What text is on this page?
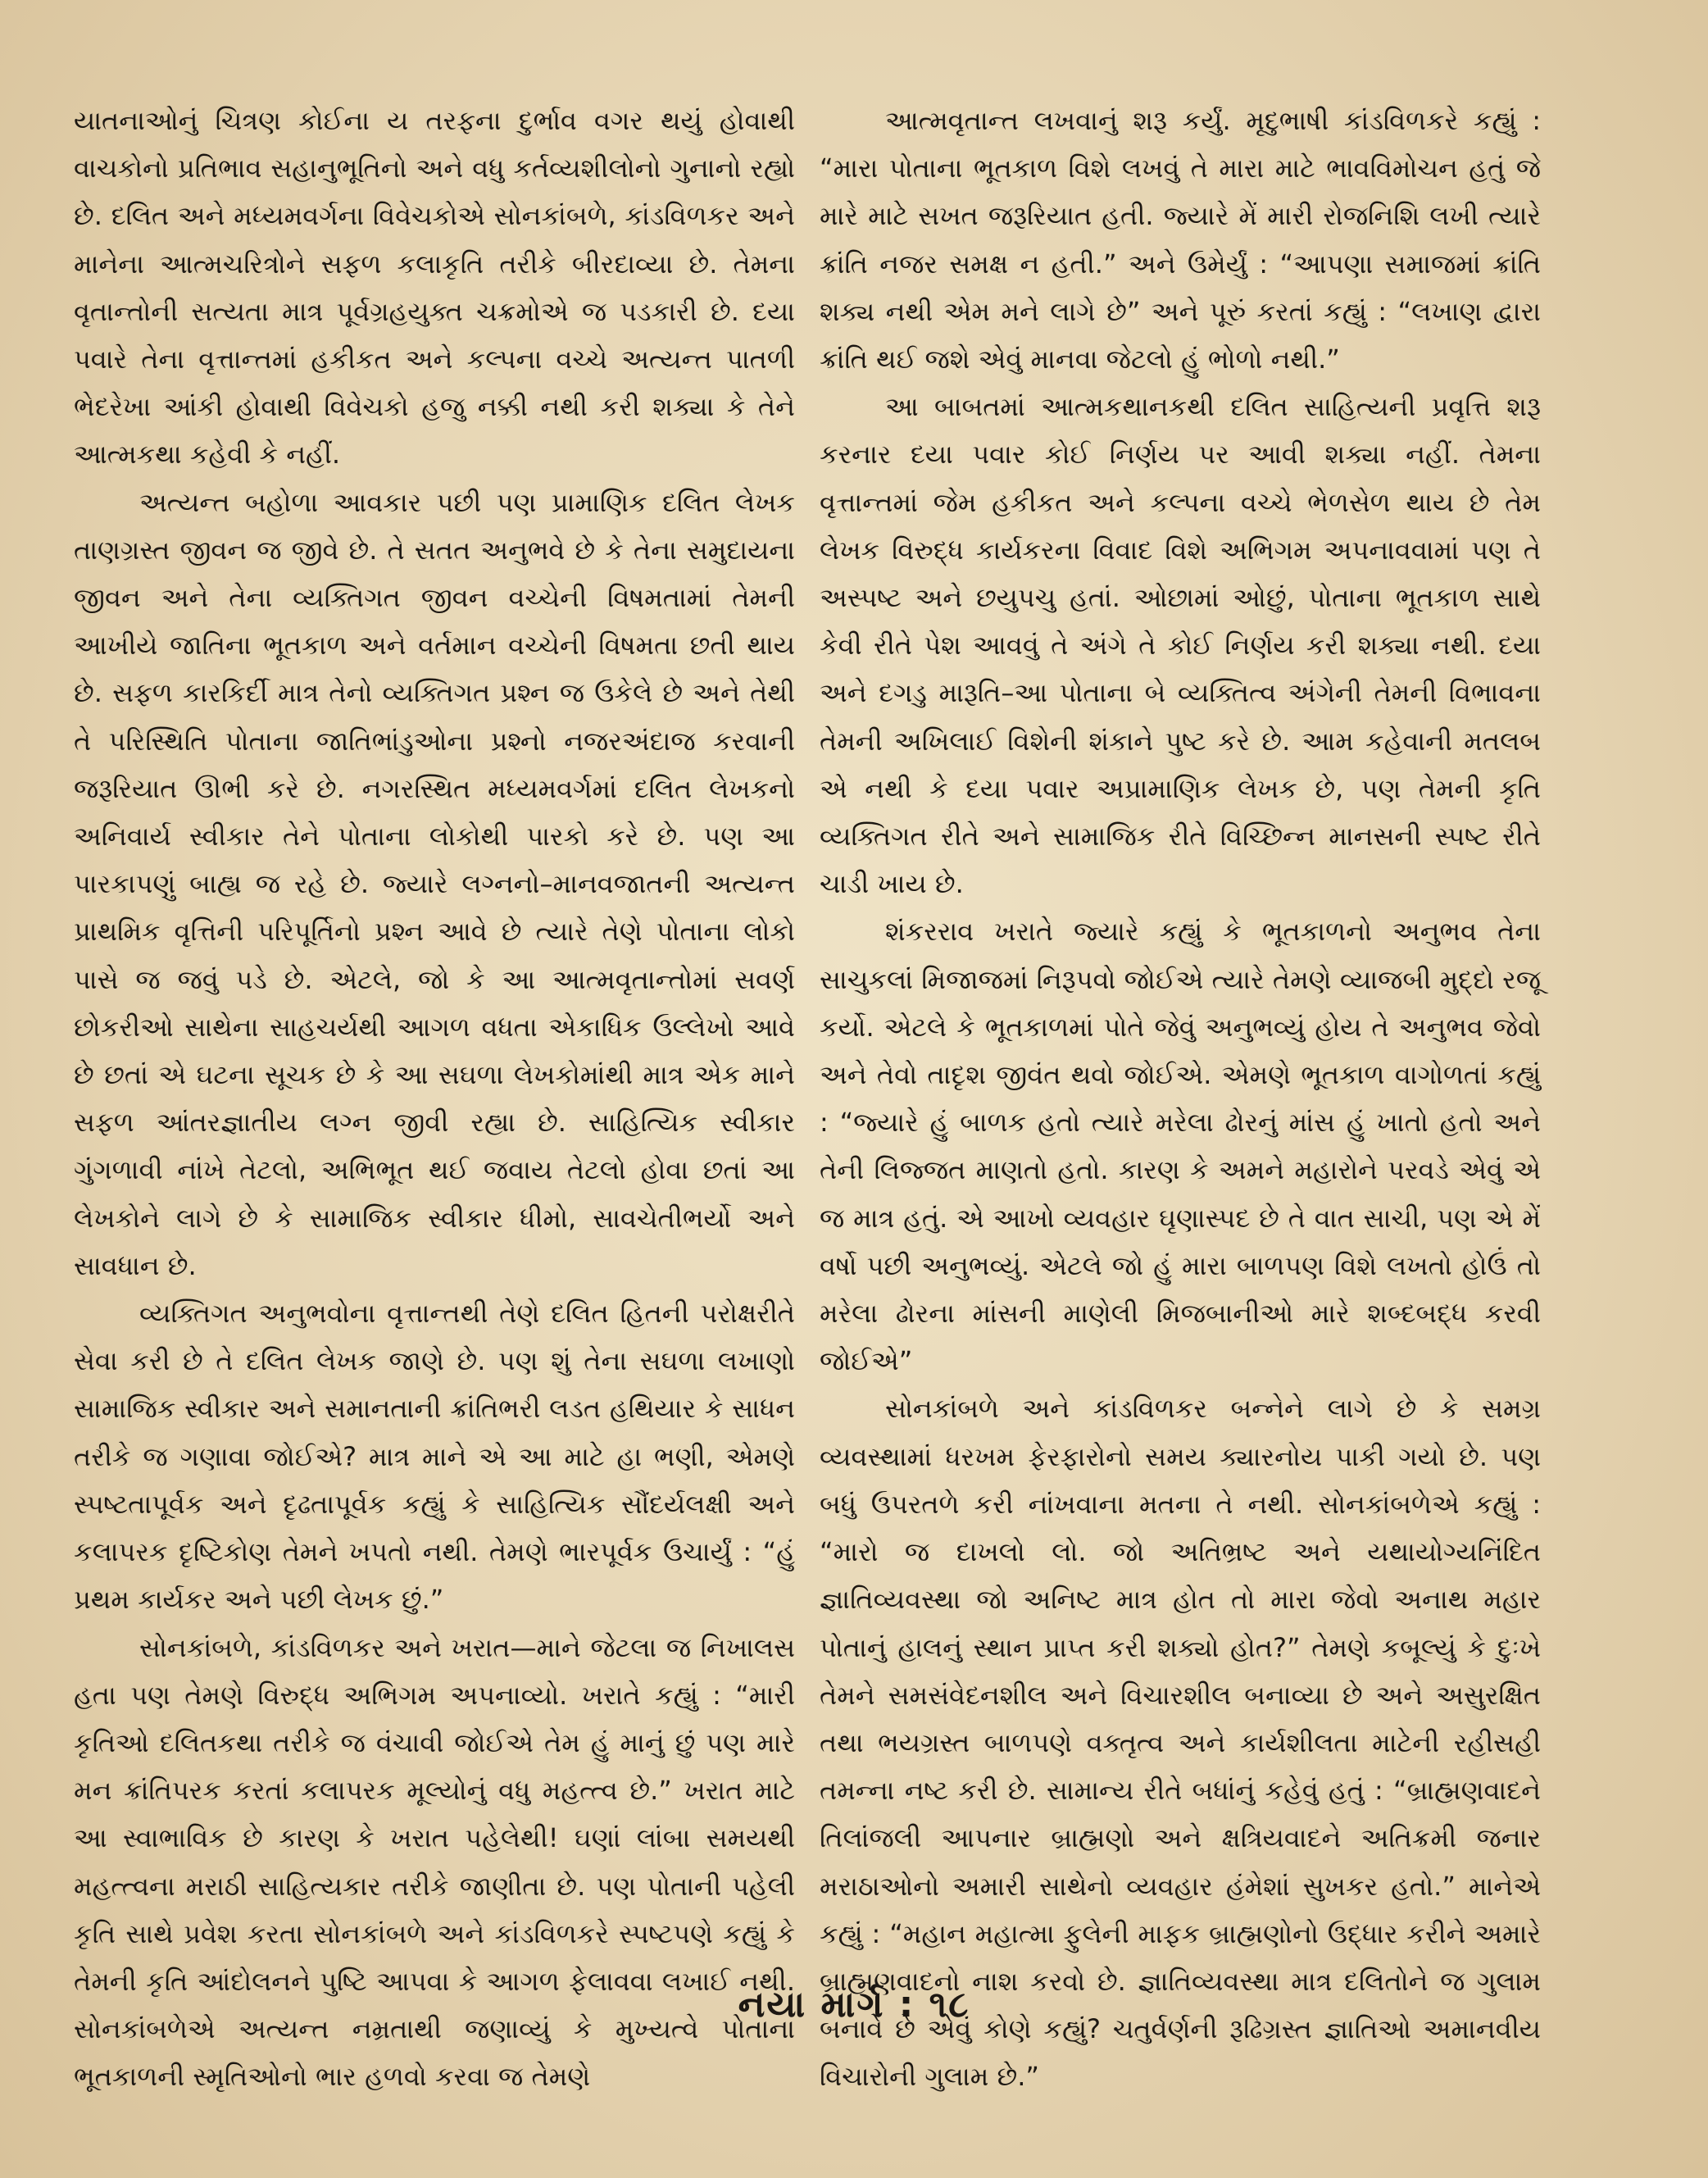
યાતનાઓનું ચિત્રણ કોઈના ય તરફના દુર્ભાવ વગર થયું હોવાથી વાચકોનો પ્રતિભાવ સહાનુભૂતિનો અને વધુ કર્તવ્યશીલોનો ગુનાનો રહ્યો છે. દલિત અને મધ્યમવર્ગના વિવેચકોએ સોનકાંબળે, કાંડવિળકર અને માનેના આત્મચરિત્રોને સફળ કલાકૃતિ તરીકે બીરદાવ્યા છે. તેમના વૃતાન્તોની સત્યતા માત્ર પૂર્વગ્રહયુક્ત ચક્રમોએ જ પડકારી છે. દયા પવારે તેના વૃત્તાન્તમાં હકીકત અને કલ્પના વચ્ચે અત્યન્ત પાતળી ભેદરેખા આંકી હોવાથી વિવેચકો હજુ નક્કી નથી કરી શક્યા કે તેને આત્મકથા કહેવી કે નહીં.

અત્યન્ત બહોળા આવકાર પછી પણ પ્રામાણિક દલિત લેખક તાણગ્રસ્ત જીવન જ જીવે છે. તે સતત અનુભવે છે કે તેના સમુદાયના જીવન અને તેના વ્યક્તિગત જીવન વચ્ચેની વિષમતામાં તેમની આખીયે જાતિના ભૂતકાળ અને વર્તમાન વચ્ચેની વિષમતા છતી થાય છે. સફળ કારકિર્દી માત્ર તેનો વ્યક્તિગત પ્રશ્ન જ ઉકેલે છે અને તેથી તે પરિસ્થિતિ પોતાના જાતિભાંડુઓના પ્રશ્નો નજરઅંદાજ કરવાની જરૂરિયાત ઊભી કરે છે. નગરસ્થિત મધ્યમવર્ગમાં દલિત લેખકનો અનિવાર્ય સ્વીકાર તેને પોતાના લોકોથી પારકો કરે છે. પણ આ પારકાપણું બાહ્ય જ રહે છે. જ્યારે લગ્નનો–માનવજાતની અત્યન્ત પ્રાથમિક વૃત્તિની પરિપૂર્તિનો પ્રશ્ન આવે છે ત્યારે તેણે પોતાના લોકો પાસે જ જવું પડે છે. એટલે, જો કે આ આત્મવૃતાન્તોમાં સવર્ણ છોકરીઓ સાથેના સાહચર્યથી આગળ વધતા એકાધિક ઉલ્લેખો આવે છે છતાં એ ઘટના સૂચક છે કે આ સઘળા લેખકોમાંથી માત્ર એક માને સફળ આંતરજ્ઞાતીય લગ્ન જીવી રહ્યા છે. સાહિત્યિક સ્વીકાર ગુંગળાવી નાંખે તેટલો, અભિભૂત થઈ જવાય તેટલો હોવા છતાં આ લેખકોને લાગે છે કે સામાજિક સ્વીકાર ધીમો, સાવચેતીભર્યો અને સાવધાન છે.

વ્યક્તિગત અનુભવોના વૃત્તાન્તથી તેણે દલિત હિતની પરોક્ષરીતે સેવા કરી છે તે દલિત લેખક જાણે છે. પણ શું તેના સઘળા લખાણો સામાજિક સ્વીકાર અને સમાનતાની ક્રાંતિભરી લડત હથિયાર કે સાધન તરીકે જ ગણાવા જોઈએ? માત્ર માને એ આ માટે હા ભણી, એમણે સ્પષ્ટતાપૂર્વક અને દૃઢતાપૂર્વક કહ્યું કે સાહિત્યિક સૌંદર્યલક્ષી અને કલાપરક દૃષ્ટિકોણ તેમને ખપતો નથી. તેમણે ભારપૂર્વક ઉચાર્યું : “હું પ્રથમ કાર્યકર અને પછી લેખક છું.”

સોનકાંબળે, કાંડવિળકર અને ખરાત—માને જેટલા જ નિખાલસ હતા પણ તેમણે વિરુદ્ધ અભિગમ અપનાવ્યો. ખરાતે કહ્યું : “મારી કૃતિઓ દલિતકથા તરીકે જ વંચાવી જોઈએ તેમ હું માનું છું પણ મારે મન ક્રાંતિપરક કરતાં કલાપરક મૂલ્યોનું વધુ મહત્ત્વ છે.” ખરાત માટે આ સ્વાભાવિક છે કારણ કે ખરાત પહેલેથી! ઘણાં લાંબા સમયથી મહત્ત્વના મરાઠી સાહિત્યકાર તરીકે જાણીતા છે. પણ પોતાની પહેલી કૃતિ સાથે પ્રવેશ કરતા સોનકાંબળે અને કાંડવિળકરે સ્પષ્ટપણે કહ્યું કે તેમની કૃતિ આંદોલનને પુષ્ટિ આપવા કે આગળ ફેલાવવા લખાઈ નથી. સોનકાંબળેએ અત્યન્ત નમ્રતાથી જણાવ્યું કે મુખ્યત્વે પોતાના ભૂતકાળની સ્મૃતિઓનો ભાર હળવો કરવા જ તેમણે

આત્મવૃતાન્ત લખવાનું શરૂ કર્યું. મૃદુભાષી કાંડવિળકરે કહ્યું : “મારા પોતાના ભૂતકાળ વિશે લખવું તે મારા માટે ભાવવિમોચન હતું જે મારે માટે સખત જરૂરિયાત હતી. જ્યારે મેં મારી રોજનિશિ લખી ત્યારે ક્રાંતિ નજર સમક્ષ ન હતી.” અને ઉમેર્યું : “આપણા સમાજમાં ક્રાંતિ શક્ય નથી એમ મને લાગે છે” અને પૂરું કરતાં કહ્યું : “લખાણ દ્વારા ક્રાંતિ થઈ જશે એવું માનવા જેટલો હું ભોળો નથી.”

આ બાબતમાં આત્મકથાનકથી દલિત સાહિત્યની પ્રવૃત્તિ શરૂ કરનાર દયા પવાર કોઈ નિર્ણય પર આવી શક્યા નહીં. તેમના વૃત્તાન્તમાં જેમ હકીકત અને કલ્પના વચ્ચે ભેળસેળ થાય છે તેમ લેખક વિરુદ્ધ કાર્યકરના વિવાદ વિશે અભિગમ અપનાવવામાં પણ તે અસ્પષ્ટ અને છયુપચુ હતાં. ઓછામાં ઓછું, પોતાના ભૂતકાળ સાથે કેવી રીતે પેશ આવવું તે અંગે તે કોઈ નિર્ણય કરી શક્યા નથી. દયા અને દગડુ મારૂતિ–આ પોતાના બે વ્યક્તિત્વ અંગેની તેમની વિભાવના તેમની અખિલાઈ વિશેની શંકાને પુષ્ટ કરે છે. આમ કહેવાની મતલબ એ નથી કે દયા પવાર અપ્રામાણિક લેખક છે, પણ તેમની કૃતિ વ્યક્તિગત રીતે અને સામાજિક રીતે વિચ્છિન્ન માનસની સ્પષ્ટ રીતે ચાડી ખાય છે.

શંકરરાવ ખરાતે જ્યારે કહ્યું કે ભૂતકાળનો અનુભવ તેના સાચુકલાં મિજાજમાં નિરૂપવો જોઈએ ત્યારે તેમણે વ્યાજબી મુદ્દો રજૂ કર્યો. એટલે કે ભૂતકાળમાં પોતે જેવું અનુભવ્યું હોય તે અનુભવ જેવો અને તેવો તાદૃશ જીવંત થવો જોઈએ. એમણે ભૂતકાળ વાગોળતાં કહ્યું : “જ્યારે હું બાળક હતો ત્યારે મરેલા ઢોરનું માંસ હું ખાતો હતો અને તેની લિજ્જત માણતો હતો. કારણ કે અમને મહારોને પરવડે એવું એ જ માત્ર હતું. એ આખો વ્યવહાર ઘૃણાસ્પદ છે તે વાત સાચી, પણ એ મેં વર્ષો પછી અનુભવ્યું. એટલે જો હું મારા બાળપણ વિશે લખતો હોઉં તો મરેલા ઢોરના માંસની માણેલી મિજબાનીઓ મારે શબ્દબદ્ધ કરવી જોઈએ”

સોનકાંબળે અને કાંડવિળકર બન્નેને લાગે છે કે સમગ્ર વ્યવસ્થામાં ધરખમ ફેરફારોનો સમય ક્યારનોય પાકી ગયો છે. પણ બધું ઉપરતળે કરી નાંખવાના મતના તે નથી. સોનકાંબળેએ કહ્યું : “મારો જ દાખલો લો. જો અતિભ્રષ્ટ અને યથાયોગ્યનિંદિત જ્ઞાતિવ્યવસ્થા જો અનિષ્ટ માત્ર હોત તો મારા જેવો અનાથ મહાર પોતાનું હાલનું સ્થાન પ્રાપ્ત કરી શક્યો હોત?” તેમણે કબૂલ્યું કે દુઃખે તેમને સમસંવેદનશીલ અને વિચારશીલ બનાવ્યા છે અને અસુરક્ષિત તથા ભયગ્રસ્ત બાળપણે વક્તૃત્વ અને કાર્યશીલતા માટેની રહીસહી તમન્ના નષ્ટ કરી છે. સામાન્ય રીતે બધાંનું કહેવું હતું : “બ્રાહ્મણવાદને તિલાંજલી આપનાર બ્રાહ્મણો અને ક્ષત્રિયવાદને અતિક્રમી જનાર મરાઠાઓનો અમારી સાથેનો વ્યવહાર હંમેશાં સુખકર હતો.” માનેએ કહ્યું : “મહાન મહાત્મા ફુલેની માફક બ્રાહ્મણોનો ઉદ્ધાર કરીને અમારે બ્રાહ્મણવાદનો નાશ કરવો છે. જ્ઞાતિવ્યવસ્થા માત્ર દલિતોને જ ગુલામ બનાવે છે એવું કોણે કહ્યું? ચતુર્વર્ણની રૂઢિગ્રસ્ત જ્ઞાતિઓ અમાનવીય વિચારોની ગુલામ છે.”

નયા માર્ગ : ૧૮
